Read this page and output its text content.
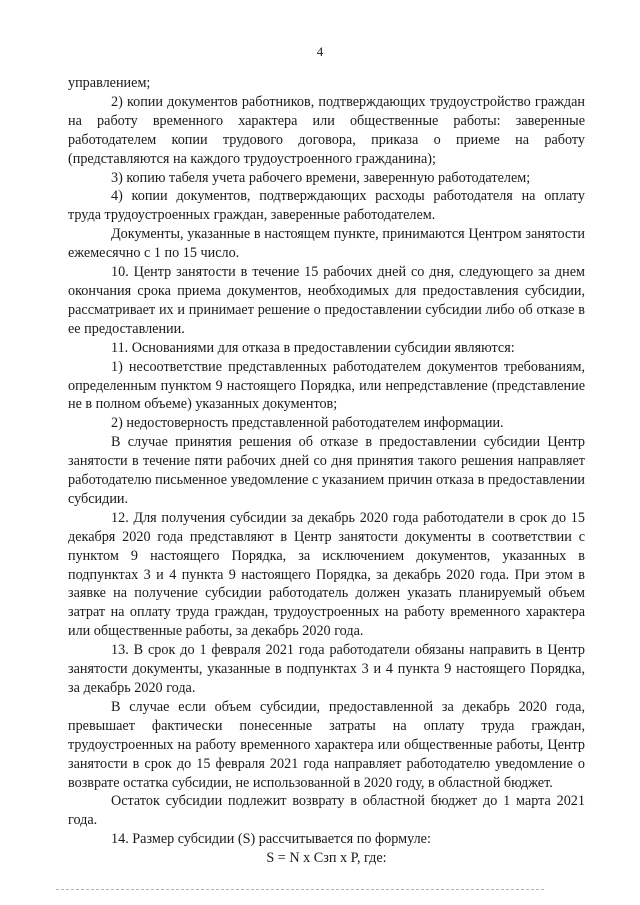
4

управлением;

2) копии документов работников, подтверждающих трудоустройство граждан на работу временного характера или общественные работы: заверенные работодателем копии трудового договора, приказа о приеме на работу (представляются на каждого трудоустроенного гражданина);

3) копию табеля учета рабочего времени, заверенную работодателем;

4) копии документов, подтверждающих расходы работодателя на оплату труда трудоустроенных граждан, заверенные работодателем.

Документы, указанные в настоящем пункте, принимаются Центром занятости ежемесячно с 1 по 15 число.

10. Центр занятости в течение 15 рабочих дней со дня, следующего за днем окончания срока приема документов, необходимых для предоставления субсидии, рассматривает их и принимает решение о предоставлении субсидии либо об отказе в ее предоставлении.

11. Основаниями для отказа в предоставлении субсидии являются:

1) несоответствие представленных работодателем документов требованиям, определенным пунктом 9 настоящего Порядка, или непредставление (представление не в полном объеме) указанных документов;

2) недостоверность представленной работодателем информации.

В случае принятия решения об отказе в предоставлении субсидии Центр занятости в течение пяти рабочих дней со дня принятия такого решения направляет работодателю письменное уведомление с указанием причин отказа в предоставлении субсидии.

12. Для получения субсидии за декабрь 2020 года работодатели в срок до 15 декабря 2020 года представляют в Центр занятости документы в соответствии с пунктом 9 настоящего Порядка, за исключением документов, указанных в подпунктах 3 и 4 пункта 9 настоящего Порядка, за декабрь 2020 года. При этом в заявке на получение субсидии работодатель должен указать планируемый объем затрат на оплату труда граждан, трудоустроенных на работу временного характера или общественные работы, за декабрь 2020 года.

13. В срок до 1 февраля 2021 года работодатели обязаны направить в Центр занятости документы, указанные в подпунктах 3 и 4 пункта 9 настоящего Порядка, за декабрь 2020 года.

В случае если объем субсидии, предоставленной за декабрь 2020 года, превышает фактически понесенные затраты на оплату труда граждан, трудоустроенных на работу временного характера или общественные работы, Центр занятости в срок до 15 февраля 2021 года направляет работодателю уведомление о возврате остатка субсидии, не использованной в 2020 году, в областной бюджет.

Остаток субсидии подлежит возврату в областной бюджет до 1 марта 2021 года.

14. Размер субсидии (S) рассчитывается по формуле:

S = N x Сзп x P, где:
